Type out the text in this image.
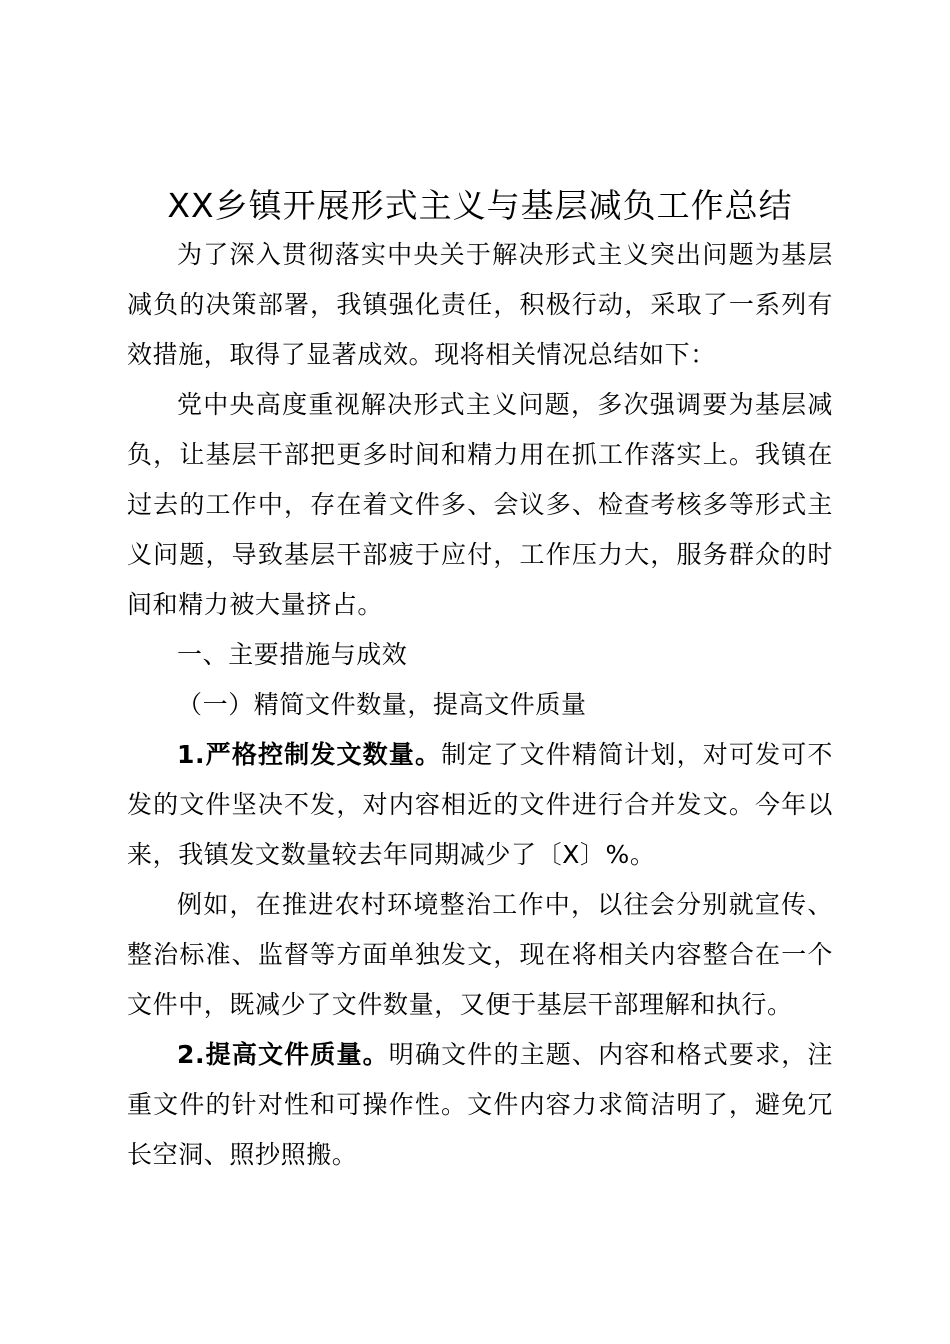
XX乡镇开展形式主义与基层减负工作总结

为了深入贯彻落实中央关于解决形式主义突出问题为基层减负的决策部署，我镇强化责任，积极行动，采取了一系列有效措施，取得了显著成效。现将相关情况总结如下：

党中央高度重视解决形式主义问题，多次强调要为基层减负，让基层干部把更多时间和精力用在抓工作落实上。我镇在过去的工作中，存在着文件多、会议多、检查考核多等形式主义问题，导致基层干部疲于应付，工作压力大，服务群众的时间和精力被大量挤占。

一、主要措施与成效

（一）精简文件数量，提高文件质量

1.严格控制发文数量。制定了文件精简计划，对可发可不发的文件坚决不发，对内容相近的文件进行合并发文。今年以来，我镇发文数量较去年同期减少了〔X〕%。

例如，在推进农村环境整治工作中，以往会分别就宣传、整治标准、监督等方面单独发文，现在将相关内容整合在一个文件中，既减少了文件数量，又便于基层干部理解和执行。

2.提高文件质量。明确文件的主题、内容和格式要求，注重文件的针对性和可操作性。文件内容力求简洁明了，避免冗长空洞、照抄照搬。
